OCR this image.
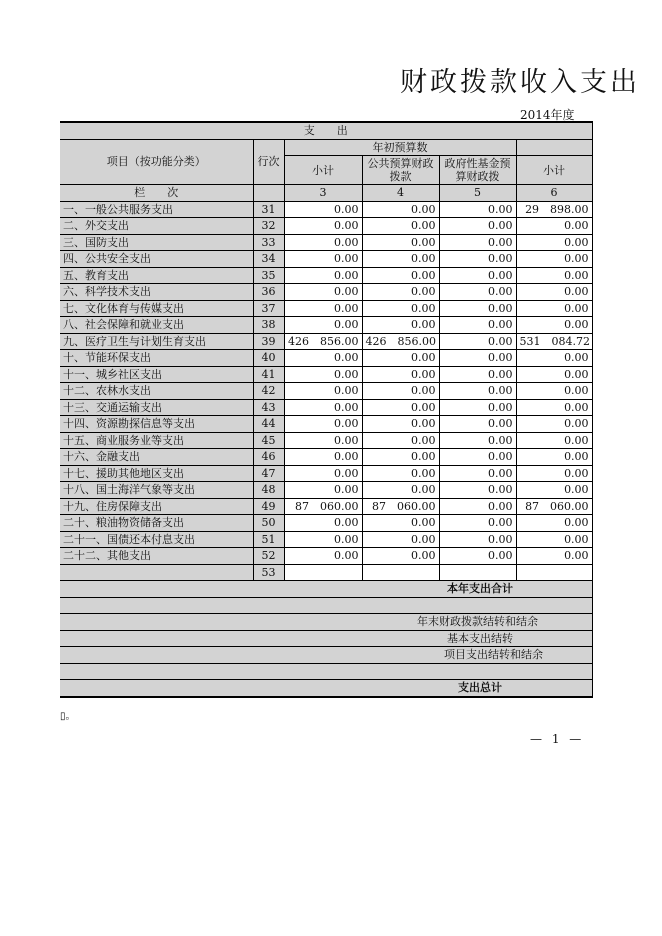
财政拨款收入支出
2014年度
支　　出					
项目（按功能分类）	行次	年初预算数			
		小计	公共预算财政拨款	政府性基金预算财政拨	小计

栏　　次		3	4	5	6
一、一般公共服务支出	31	0.00	0.00	0.00	29　898.00
二、外交支出	32	0.00	0.00	0.00	0.00
三、国防支出	33	0.00	0.00	0.00	0.00
四、公共安全支出	34	0.00	0.00	0.00	0.00
五、教育支出	35	0.00	0.00	0.00	0.00
六、科学技术支出	36	0.00	0.00	0.00	0.00
七、文化体育与传媒支出	37	0.00	0.00	0.00	0.00
八、社会保障和就业支出	38	0.00	0.00	0.00	0.00
九、医疗卫生与计划生育支出	39	426　856.00	426　856.00	0.00	531　084.72
十、节能环保支出	40	0.00	0.00	0.00	0.00
十一、城乡社区支出	41	0.00	0.00	0.00	0.00
十二、农林水支出	42	0.00	0.00	0.00	0.00
十三、交通运输支出	43	0.00	0.00	0.00	0.00
十四、资源勘探信息等支出	44	0.00	0.00	0.00	0.00
十五、商业服务业等支出	45	0.00	0.00	0.00	0.00
十六、金融支出	46	0.00	0.00	0.00	0.00
十七、援助其他地区支出	47	0.00	0.00	0.00	0.00
十八、国土海洋气象等支出	48	0.00	0.00	0.00	0.00
十九、住房保障支出	49	87　060.00	87　060.00	0.00	87　060.00
二十、粮油物资储备支出	50	0.00	0.00	0.00	0.00
二十一、国债还本付息支出	51	0.00	0.00	0.00	0.00
二十二、其他支出	52	0.00	0.00	0.00	0.00
	53				
本年支出合计					

年末财政拨款结转和结余					
基本支出结转					
项目支出结转和结余					

支出总计					
▯。
— 1 —
